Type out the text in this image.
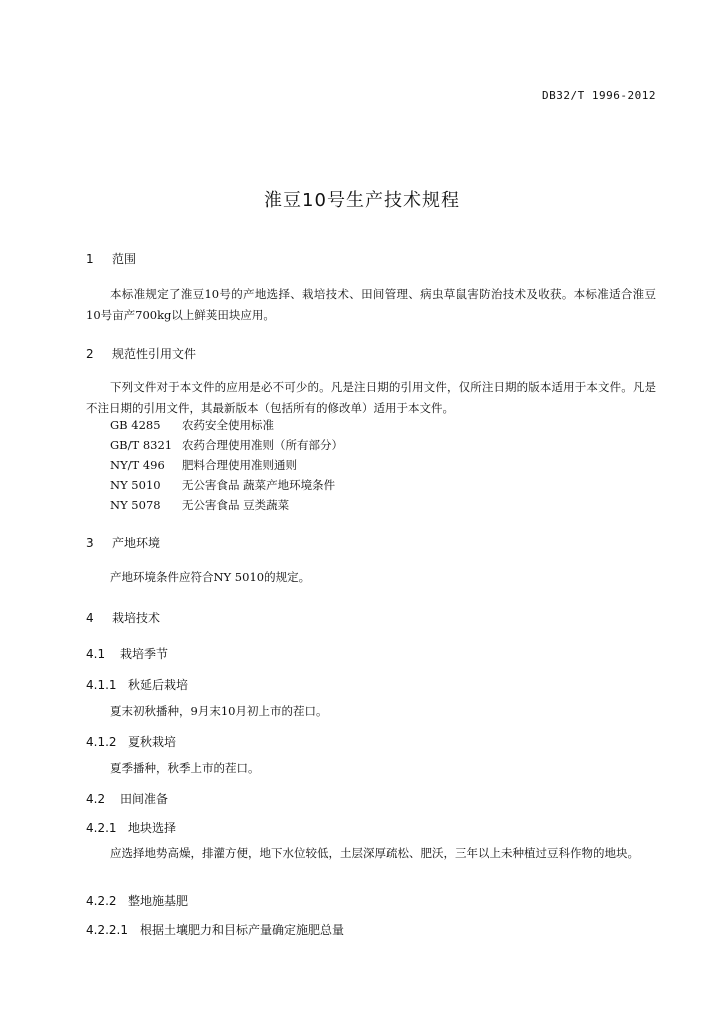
DB32/T 1996-2012
淮豆10号生产技术规程
1 范围
本标准规定了淮豆10号的产地选择、栽培技术、田间管理、病虫草鼠害防治技术及收获。本标准适合淮豆10号亩产700kg以上鲜荚田块应用。
2 规范性引用文件
下列文件对于本文件的应用是必不可少的。凡是注日期的引用文件，仅所注日期的版本适用于本文件。凡是不注日期的引用文件，其最新版本（包括所有的修改单）适用于本文件。
GB 4285 农药安全使用标准
GB/T 8321 农药合理使用准则（所有部分）
NY/T 496 肥料合理使用准则通则
NY 5010 无公害食品 蔬菜产地环境条件
NY 5078 无公害食品 豆类蔬菜
3 产地环境
产地环境条件应符合NY 5010的规定。
4 栽培技术
4.1 栽培季节
4.1.1 秋延后栽培
夏末初秋播种，9月末10月初上市的茬口。
4.1.2 夏秋栽培
夏季播种，秋季上市的茬口。
4.2 田间准备
4.2.1 地块选择
应选择地势高燥，排灌方便，地下水位较低，土层深厚疏松、肥沃，三年以上未种植过豆科作物的地块。
4.2.2 整地施基肥
4.2.2.1 根据土壤肥力和目标产量确定施肥总量
